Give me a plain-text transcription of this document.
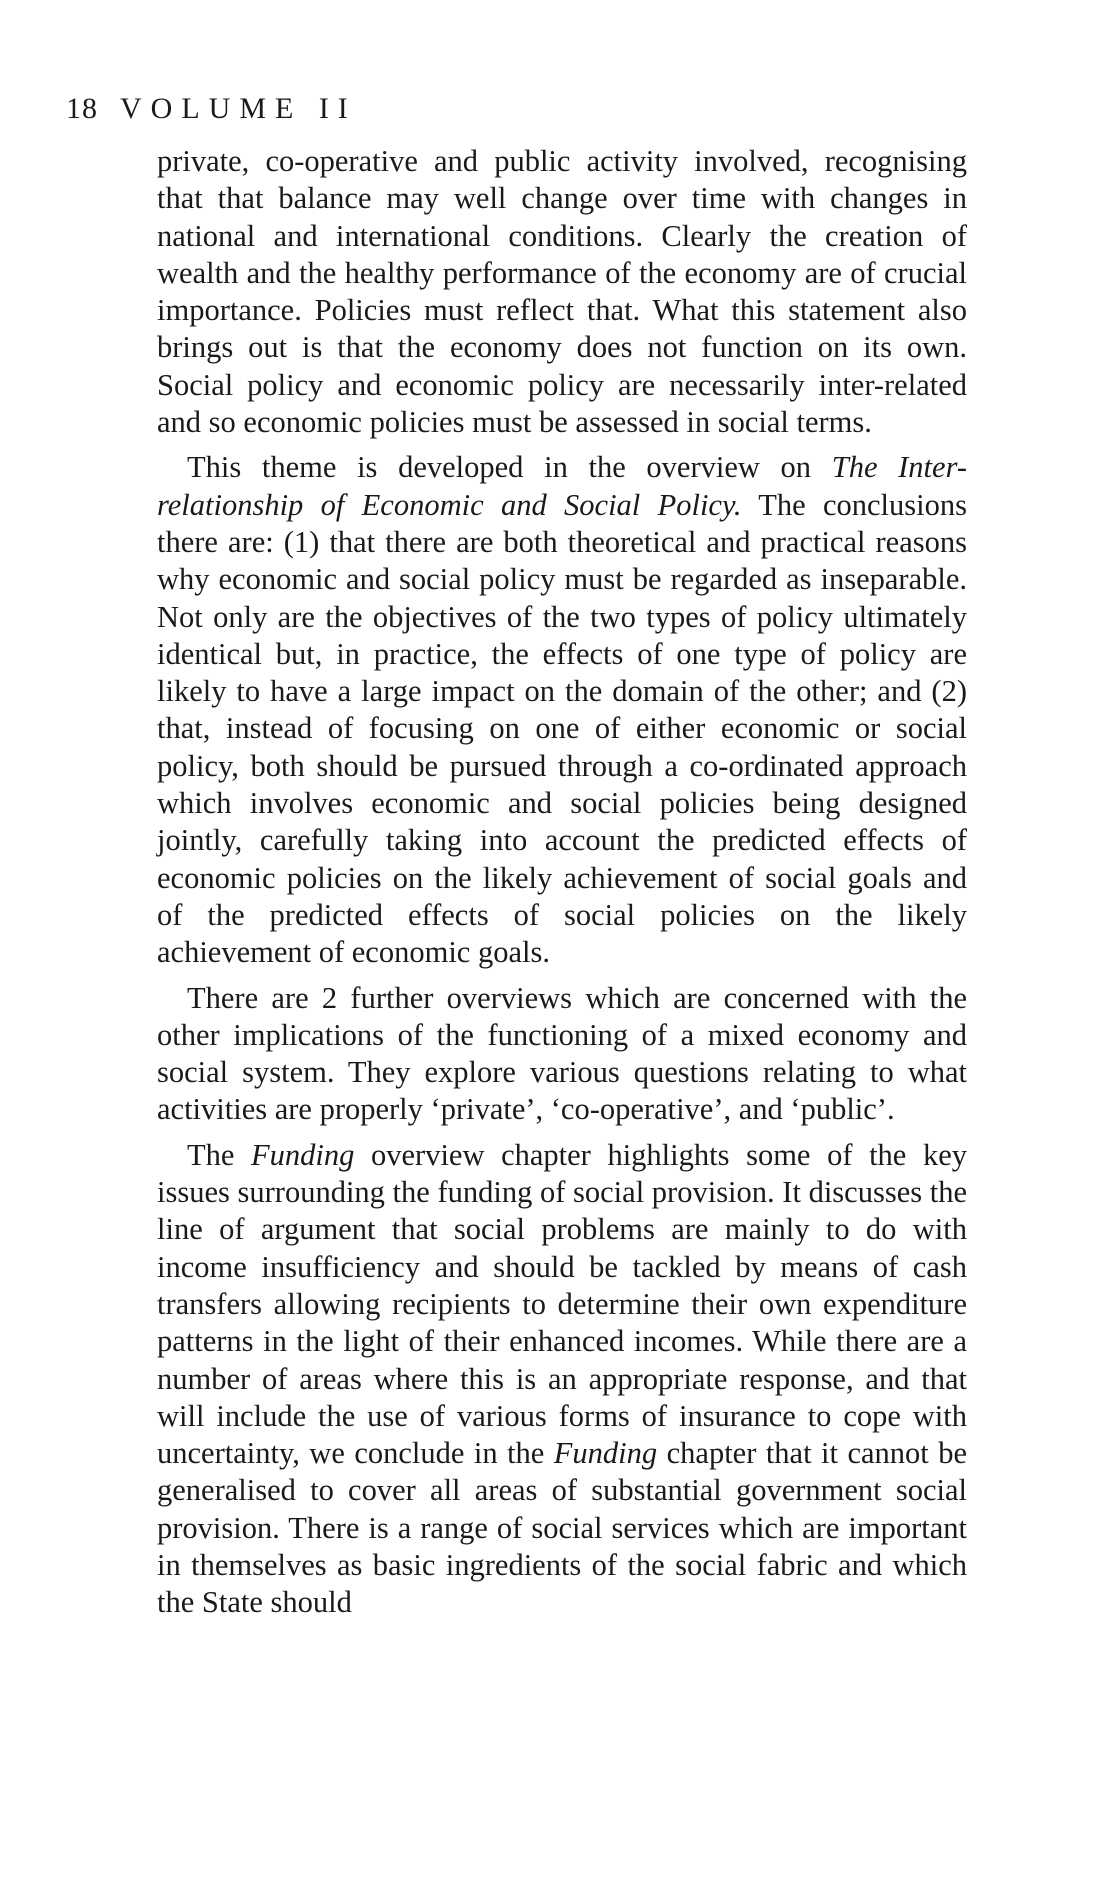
18 VOLUME II

private, co-operative and public activity involved, recognising that that balance may well change over time with changes in national and international conditions. Clearly the creation of wealth and the healthy performance of the economy are of crucial importance. Policies must reflect that. What this statement also brings out is that the economy does not function on its own. Social policy and economic policy are necessarily inter-related and so economic policies must be assessed in social terms.

This theme is developed in the overview on The Inter-relationship of Economic and Social Policy. The conclusions there are: (1) that there are both theoretical and practical reasons why economic and social policy must be regarded as inseparable. Not only are the objectives of the two types of policy ultimately identical but, in practice, the effects of one type of policy are likely to have a large impact on the domain of the other; and (2) that, instead of focusing on one of either economic or social policy, both should be pursued through a co-ordinated approach which involves economic and social policies being designed jointly, carefully taking into account the predicted effects of economic policies on the likely achievement of social goals and of the predicted effects of social policies on the likely achievement of economic goals.

There are 2 further overviews which are concerned with the other implications of the functioning of a mixed economy and social system. They explore various questions relating to what activities are properly ‘private’, ‘co-operative’, and ‘public’.

The Funding overview chapter highlights some of the key issues surrounding the funding of social provision. It discusses the line of argument that social problems are mainly to do with income insufficiency and should be tackled by means of cash transfers allowing recipients to determine their own expenditure patterns in the light of their enhanced incomes. While there are a number of areas where this is an appropriate response, and that will include the use of various forms of insurance to cope with uncertainty, we conclude in the Funding chapter that it cannot be generalised to cover all areas of substantial government social provision. There is a range of social services which are important in themselves as basic ingredients of the social fabric and which the State should
